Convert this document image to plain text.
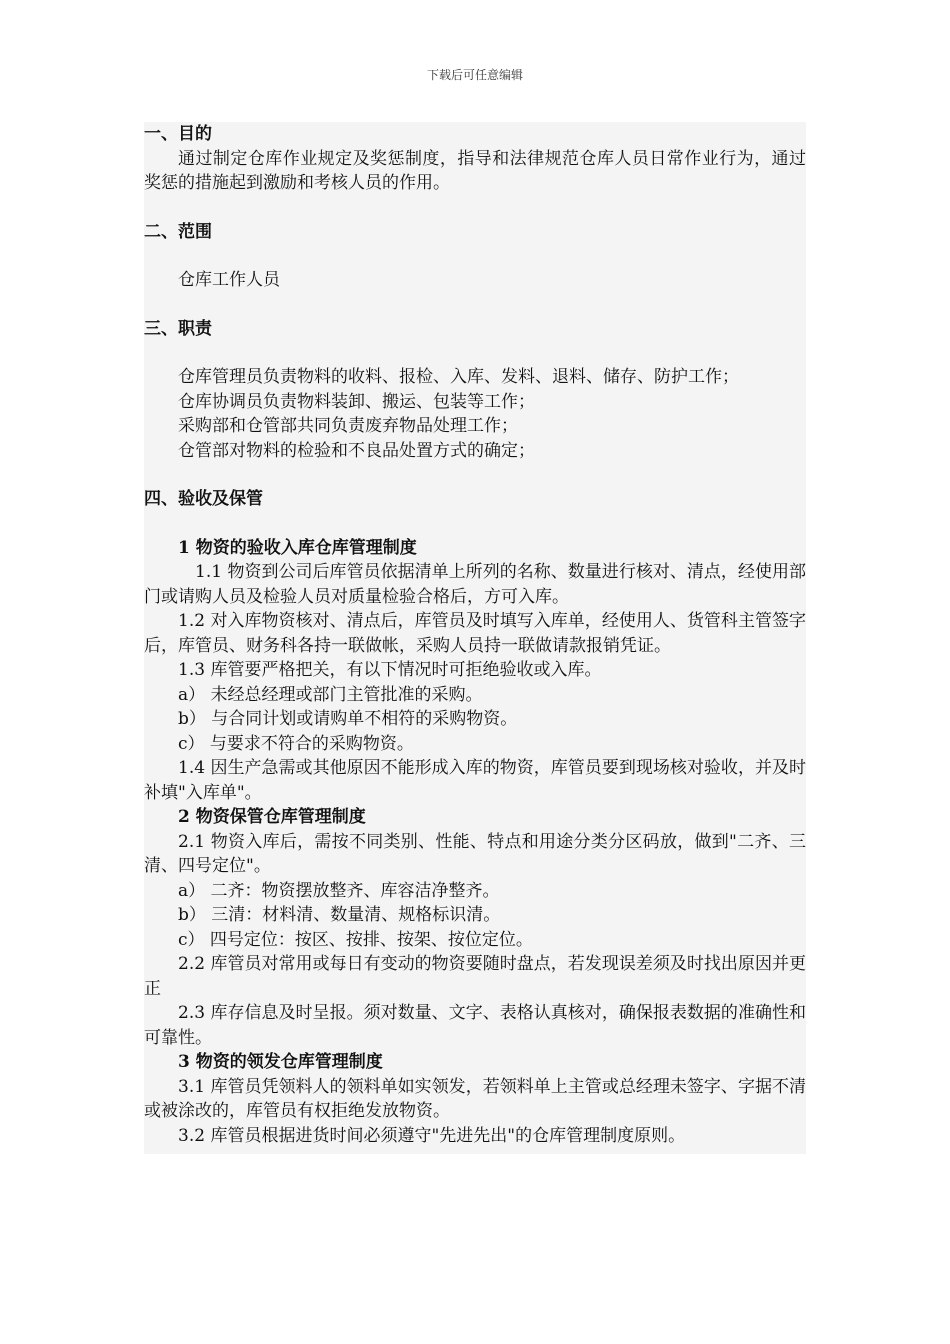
下载后可任意编辑

一、目的

通过制定仓库作业规定及奖惩制度，指导和法律规范仓库人员日常作业行为，通过奖惩的措施起到激励和考核人员的作用。

二、范围

仓库工作人员

三、职责

仓库管理员负责物料的收料、报检、入库、发料、退料、储存、防护工作；

仓库协调员负责物料装卸、搬运、包装等工作；

采购部和仓管部共同负责废弃物品处理工作；

仓管部对物料的检验和不良品处置方式的确定；

四、验收及保管

1 物资的验收入库仓库管理制度

1.1 物资到公司后库管员依据清单上所列的名称、数量进行核对、清点，经使用部门或请购人员及检验人员对质量检验合格后，方可入库。

1.2 对入库物资核对、清点后，库管员及时填写入库单，经使用人、货管科主管签字后，库管员、财务科各持一联做帐，采购人员持一联做请款报销凭证。

1.3 库管要严格把关，有以下情况时可拒绝验收或入库。

a） 未经总经理或部门主管批准的采购。

b） 与合同计划或请购单不相符的采购物资。

c） 与要求不符合的采购物资。

1.4 因生产急需或其他原因不能形成入库的物资，库管员要到现场核对验收，并及时补填"入库单"。

2 物资保管仓库管理制度

2.1 物资入库后，需按不同类别、性能、特点和用途分类分区码放，做到"二齐、三清、四号定位"。

a） 二齐：物资摆放整齐、库容洁净整齐。

b） 三清：材料清、数量清、规格标识清。

c） 四号定位：按区、按排、按架、按位定位。

2.2 库管员对常用或每日有变动的物资要随时盘点，若发现误差须及时找出原因并更正

2.3 库存信息及时呈报。须对数量、文字、表格认真核对，确保报表数据的准确性和可靠性。

3 物资的领发仓库管理制度

3.1 库管员凭领料人的领料单如实领发，若领料单上主管或总经理未签字、字据不清或被涂改的，库管员有权拒绝发放物资。

3.2 库管员根据进货时间必须遵守"先进先出"的仓库管理制度原则。
